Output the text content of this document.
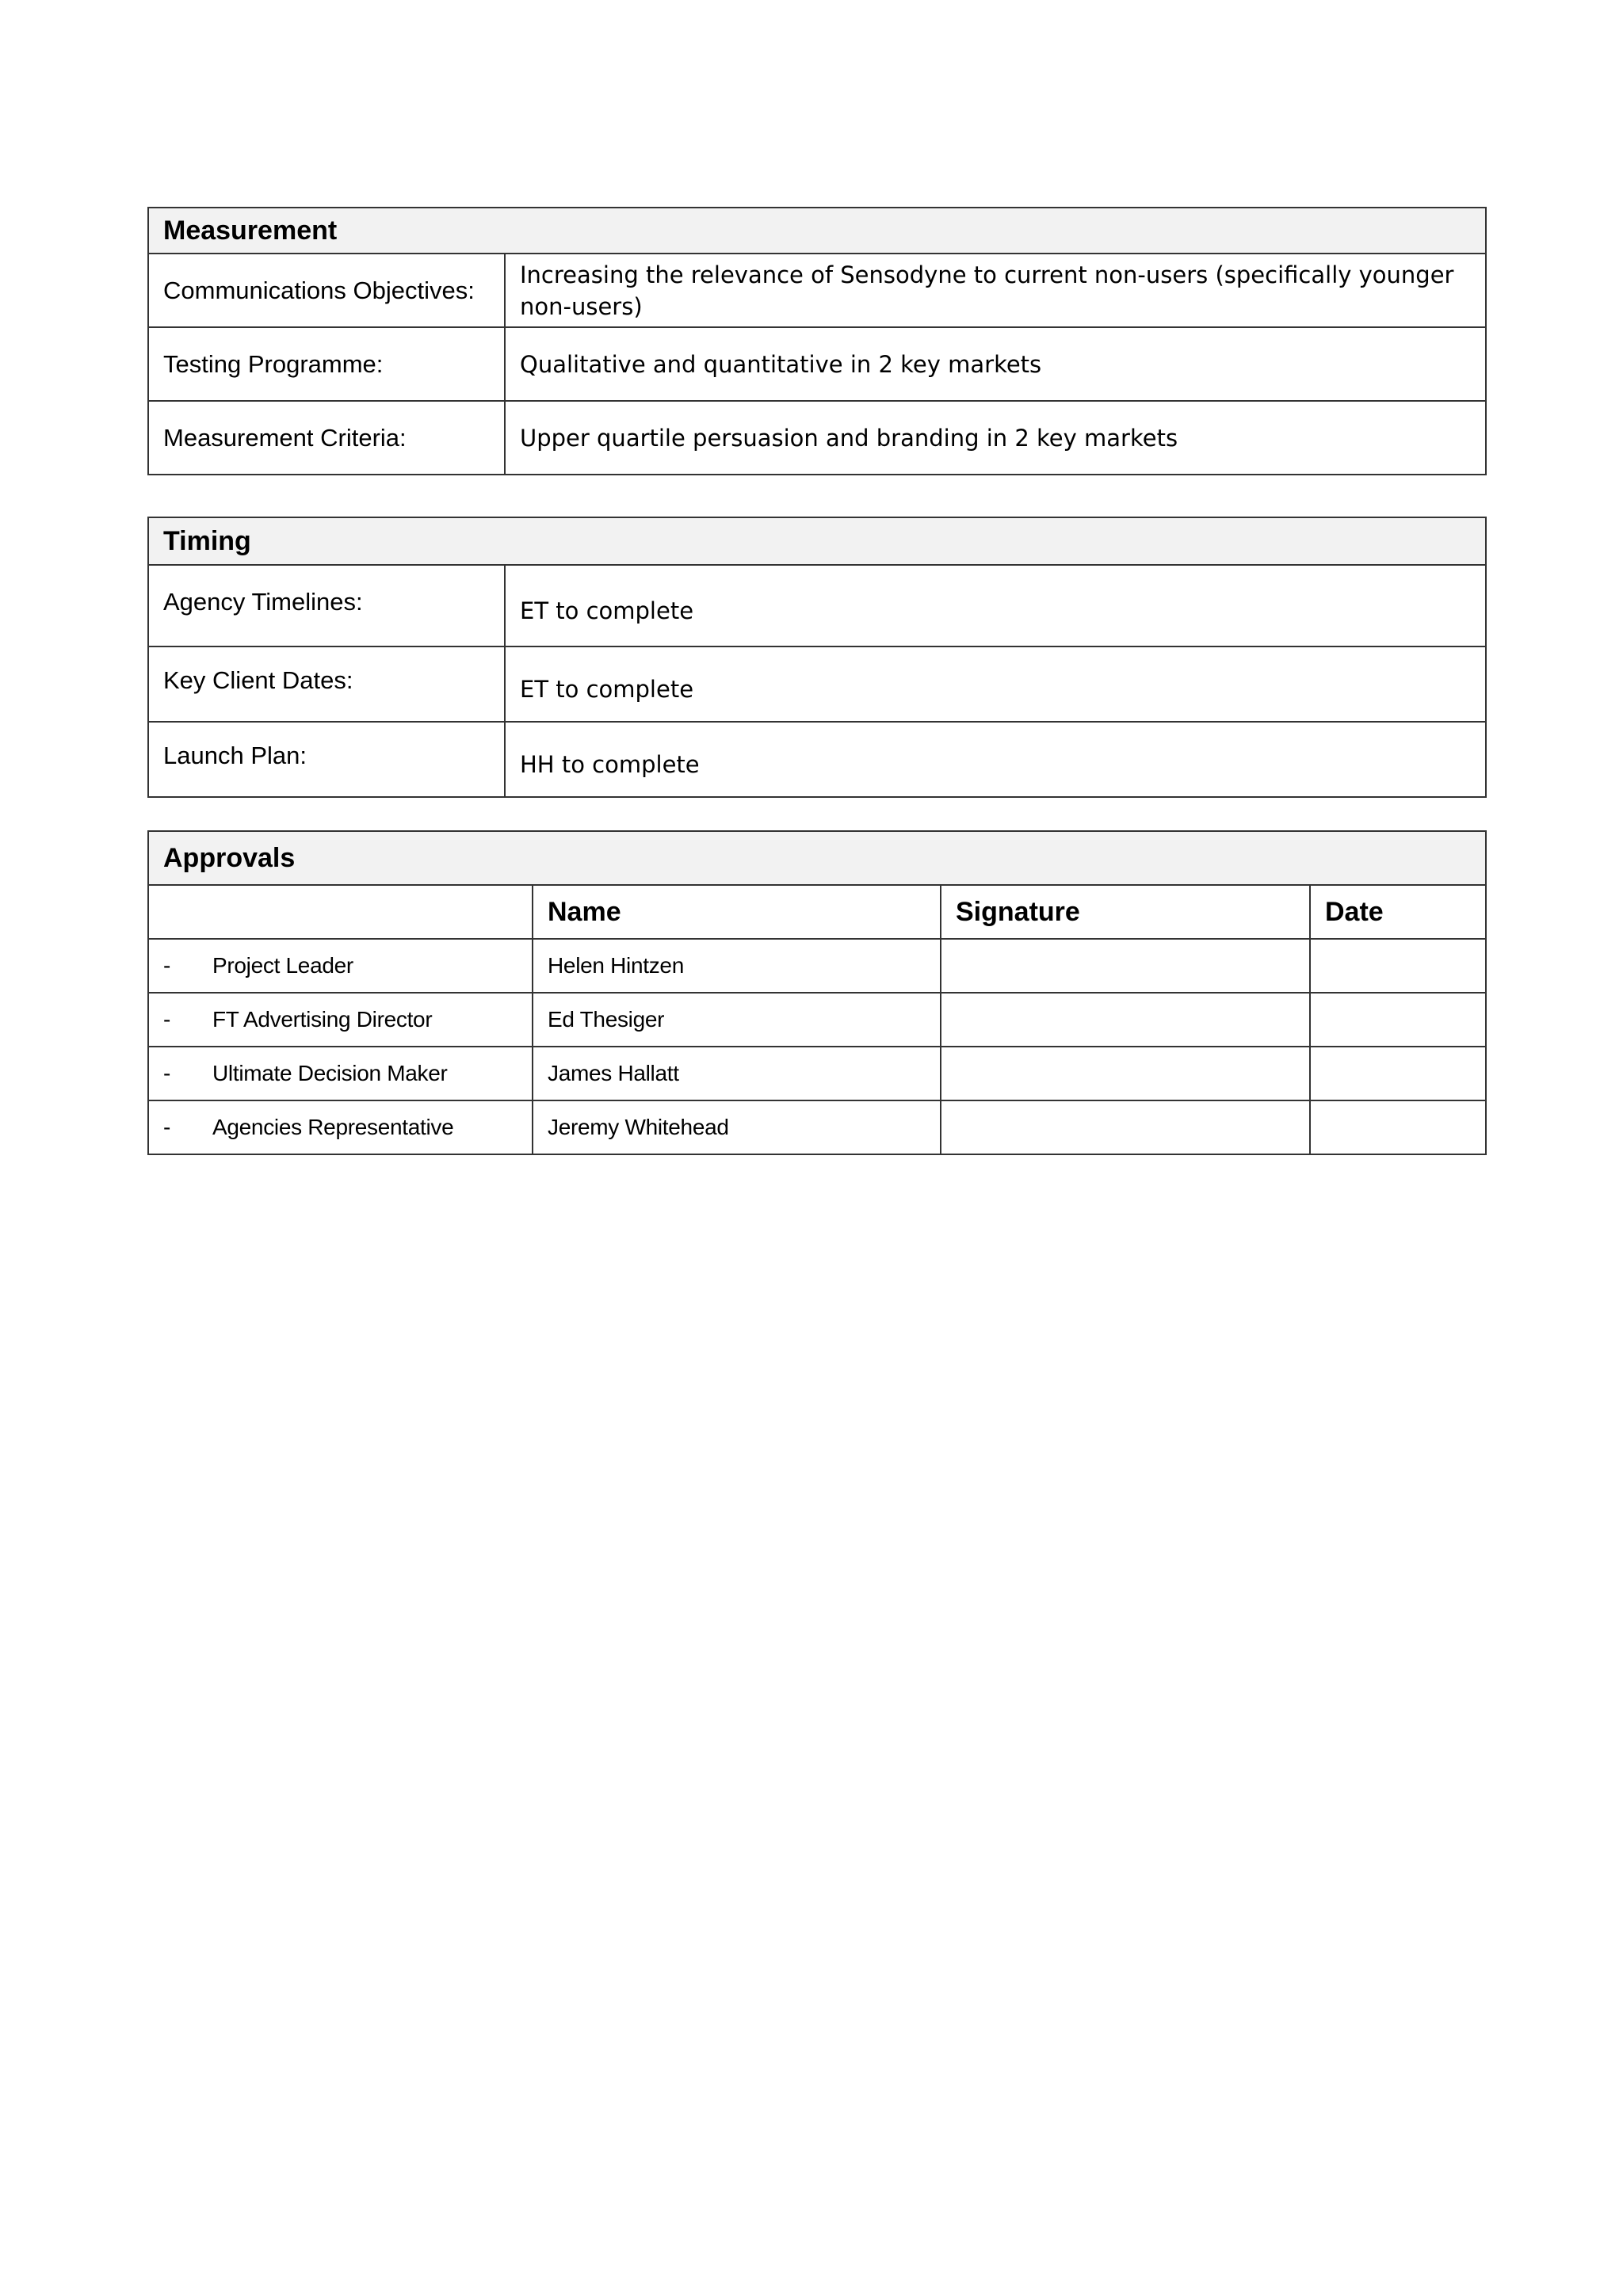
Measurement	
Communications Objectives:	Increasing the relevance of Sensodyne to current non-users (specifically younger non-users)
Testing Programme:	Qualitative and quantitative in 2 key markets
Measurement Criteria:	Upper quartile persuasion and branding in 2 key markets
Timing	
Agency Timelines:	ET to complete
Key Client Dates:	ET to complete
Launch Plan:	HH to complete
Approvals			
	Name	Signature	Date
- Project Leader	Helen Hintzen		
- FT Advertising Director	Ed Thesiger		
- Ultimate Decision Maker	James Hallatt		
- Agencies Representative	Jeremy Whitehead		
